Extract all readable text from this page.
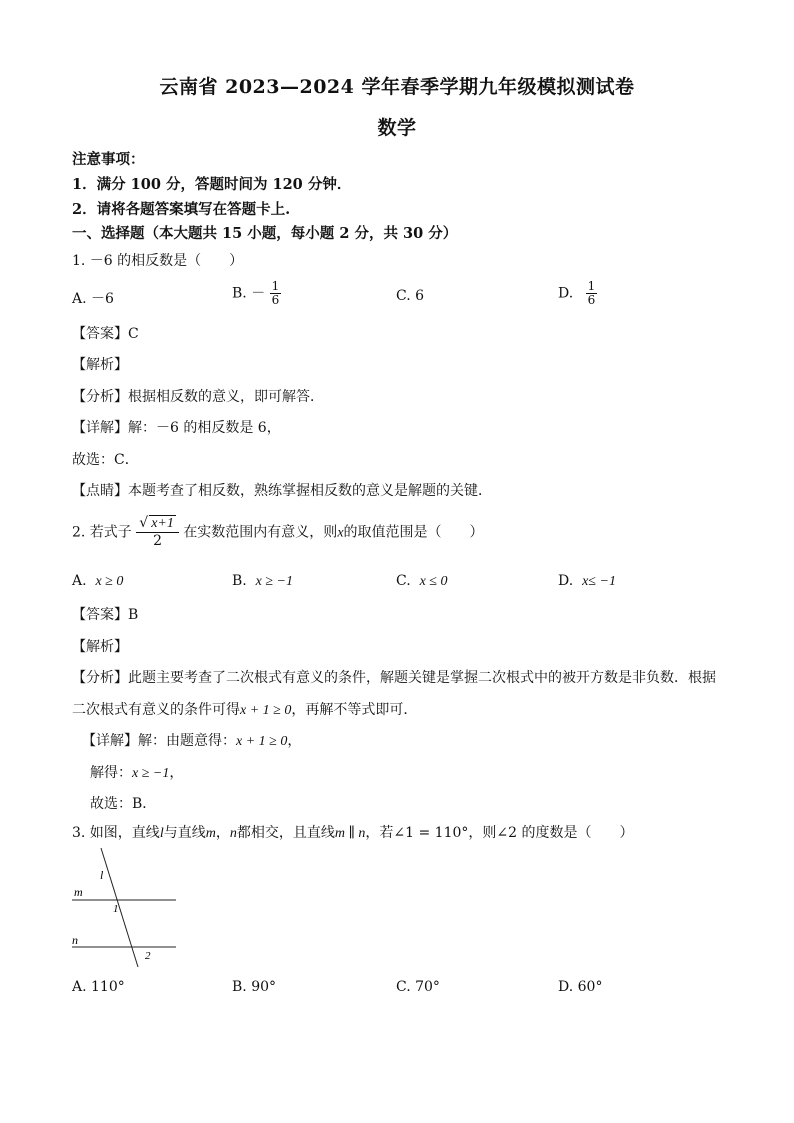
云南省 2023—2024 学年春季学期九年级模拟测试卷
数学
注意事项：
1．满分 100 分，答题时间为 120 分钟．
2．请将各题答案填写在答题卡上.
一、选择题（本大题共 15 小题，每小题 2 分，共 30 分）
1. －6 的相反数是（　　）
A. －6	B. － $\frac{1}{6}$	C. 6	D. $\frac{1}{6}$
【答案】C
【解析】
【分析】根据相反数的意义，即可解答．
【详解】解：－6 的相反数是 6，
故选：C．
【点睛】本题考查了相反数，熟练掌握相反数的意义是解题的关键．
2. 若式子 $\frac{√ x+1}{2}$ 在实数范围内有意义，则x的取值范围是（　　）
A. x ≥ 0	B. x ≥ −1	C. x ≤ 0	D. x≤ −1
【答案】B
【解析】
【分析】此题主要考查了二次根式有意义的条件，解题关键是掌握二次根式中的被开方数是非负数．根据
二次根式有意义的条件可得x + 1 ≥ 0，再解不等式即可．
【详解】解：由题意得：x + 1 ≥ 0，
解得：x ≥ −1，
故选：B．
3. 如图，直线l与直线m，n都相交，且直线m ∥ n，若∠1 = 110°，则∠2 的度数是（　　）
l
m
n
1
2
A. 110°	B. 90°	C. 70°	D. 60°
